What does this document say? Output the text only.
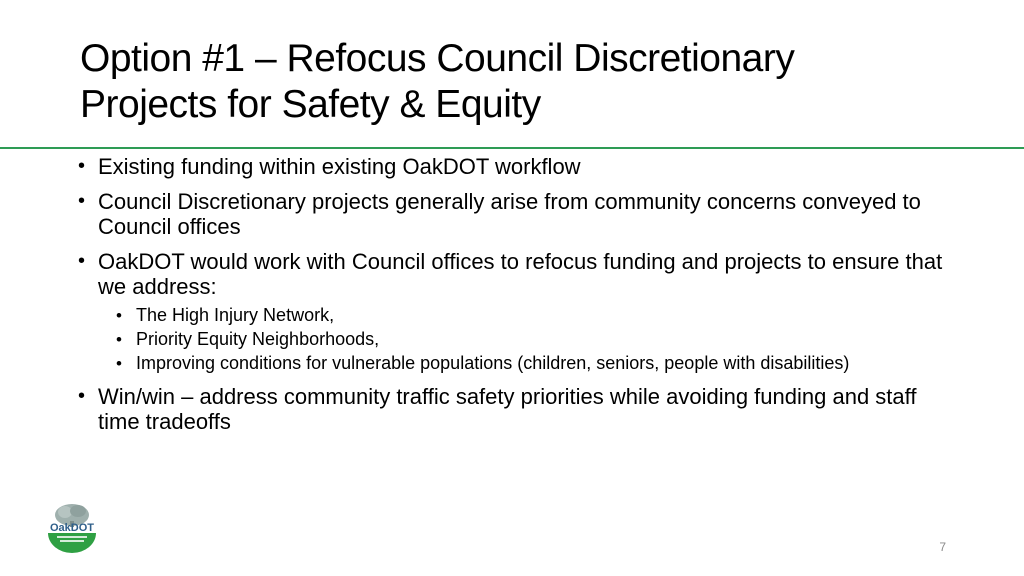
Option #1 – Refocus Council Discretionary
Projects for Safety & Equity
• Existing funding within existing OakDOT workflow
• Council Discretionary projects generally arise from community concerns conveyed to Council offices
• OakDOT would work with Council offices to refocus funding and projects to ensure that we address:
• The High Injury Network,
• Priority Equity Neighborhoods,
• Improving conditions for vulnerable populations (children, seniors, people with disabilities)
• Win/win – address community traffic safety priorities while avoiding funding and staff time tradeoffs
OakDOT
7
